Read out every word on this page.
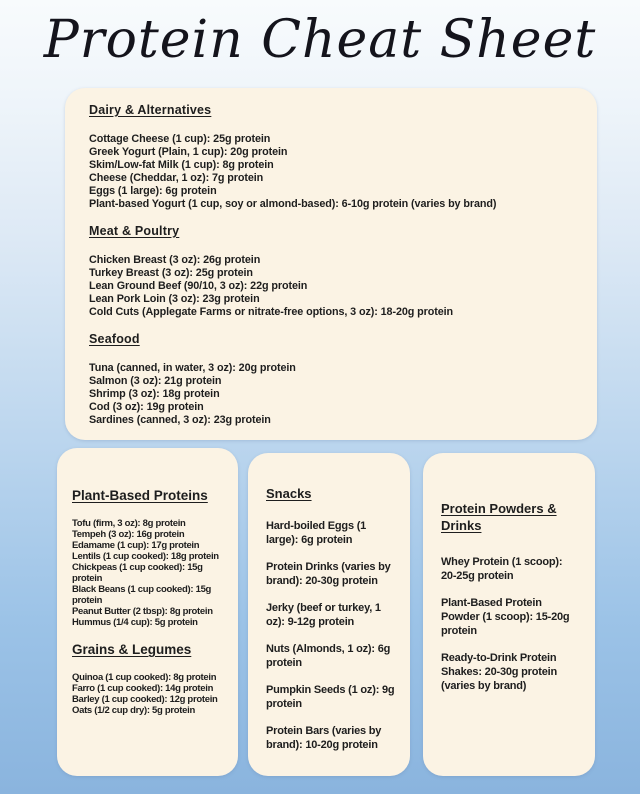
Protein Cheat Sheet
Dairy & Alternatives
Cottage Cheese (1 cup): 25g protein
Greek Yogurt (Plain, 1 cup): 20g protein
Skim/Low-fat Milk (1 cup): 8g protein
Cheese (Cheddar, 1 oz): 7g protein
Eggs (1 large): 6g protein
Plant-based Yogurt (1 cup, soy or almond-based): 6-10g protein (varies by brand)
Meat & Poultry
Chicken Breast (3 oz): 26g protein
Turkey Breast (3 oz): 25g protein
Lean Ground Beef (90/10, 3 oz): 22g protein
Lean Pork Loin (3 oz): 23g protein
Cold Cuts (Applegate Farms or nitrate-free options, 3 oz): 18-20g protein
Seafood
Tuna (canned, in water, 3 oz): 20g protein
Salmon (3 oz): 21g protein
Shrimp (3 oz): 18g protein
Cod (3 oz): 19g protein
Sardines (canned, 3 oz): 23g protein
Plant-Based Proteins
Tofu (firm, 3 oz): 8g protein
Tempeh (3 oz): 16g protein
Edamame (1 cup): 17g protein
Lentils (1 cup cooked): 18g protein
Chickpeas (1 cup cooked): 15g protein
Black Beans (1 cup cooked): 15g protein
Peanut Butter (2 tbsp): 8g protein
Hummus (1/4 cup): 5g protein
Grains & Legumes
Quinoa (1 cup cooked): 8g protein
Farro (1 cup cooked): 14g protein
Barley (1 cup cooked): 12g protein
Oats (1/2 cup dry): 5g protein
Snacks
Hard-boiled Eggs (1 large): 6g protein
Protein Drinks (varies by brand): 20-30g protein
Jerky (beef or turkey, 1 oz): 9-12g protein
Nuts (Almonds, 1 oz): 6g protein
Pumpkin Seeds (1 oz): 9g protein
Protein Bars (varies by brand): 10-20g protein
Protein Powders & Drinks
Whey Protein (1 scoop): 20-25g protein
Plant-Based Protein Powder (1 scoop): 15-20g protein
Ready-to-Drink Protein Shakes: 20-30g protein (varies by brand)
